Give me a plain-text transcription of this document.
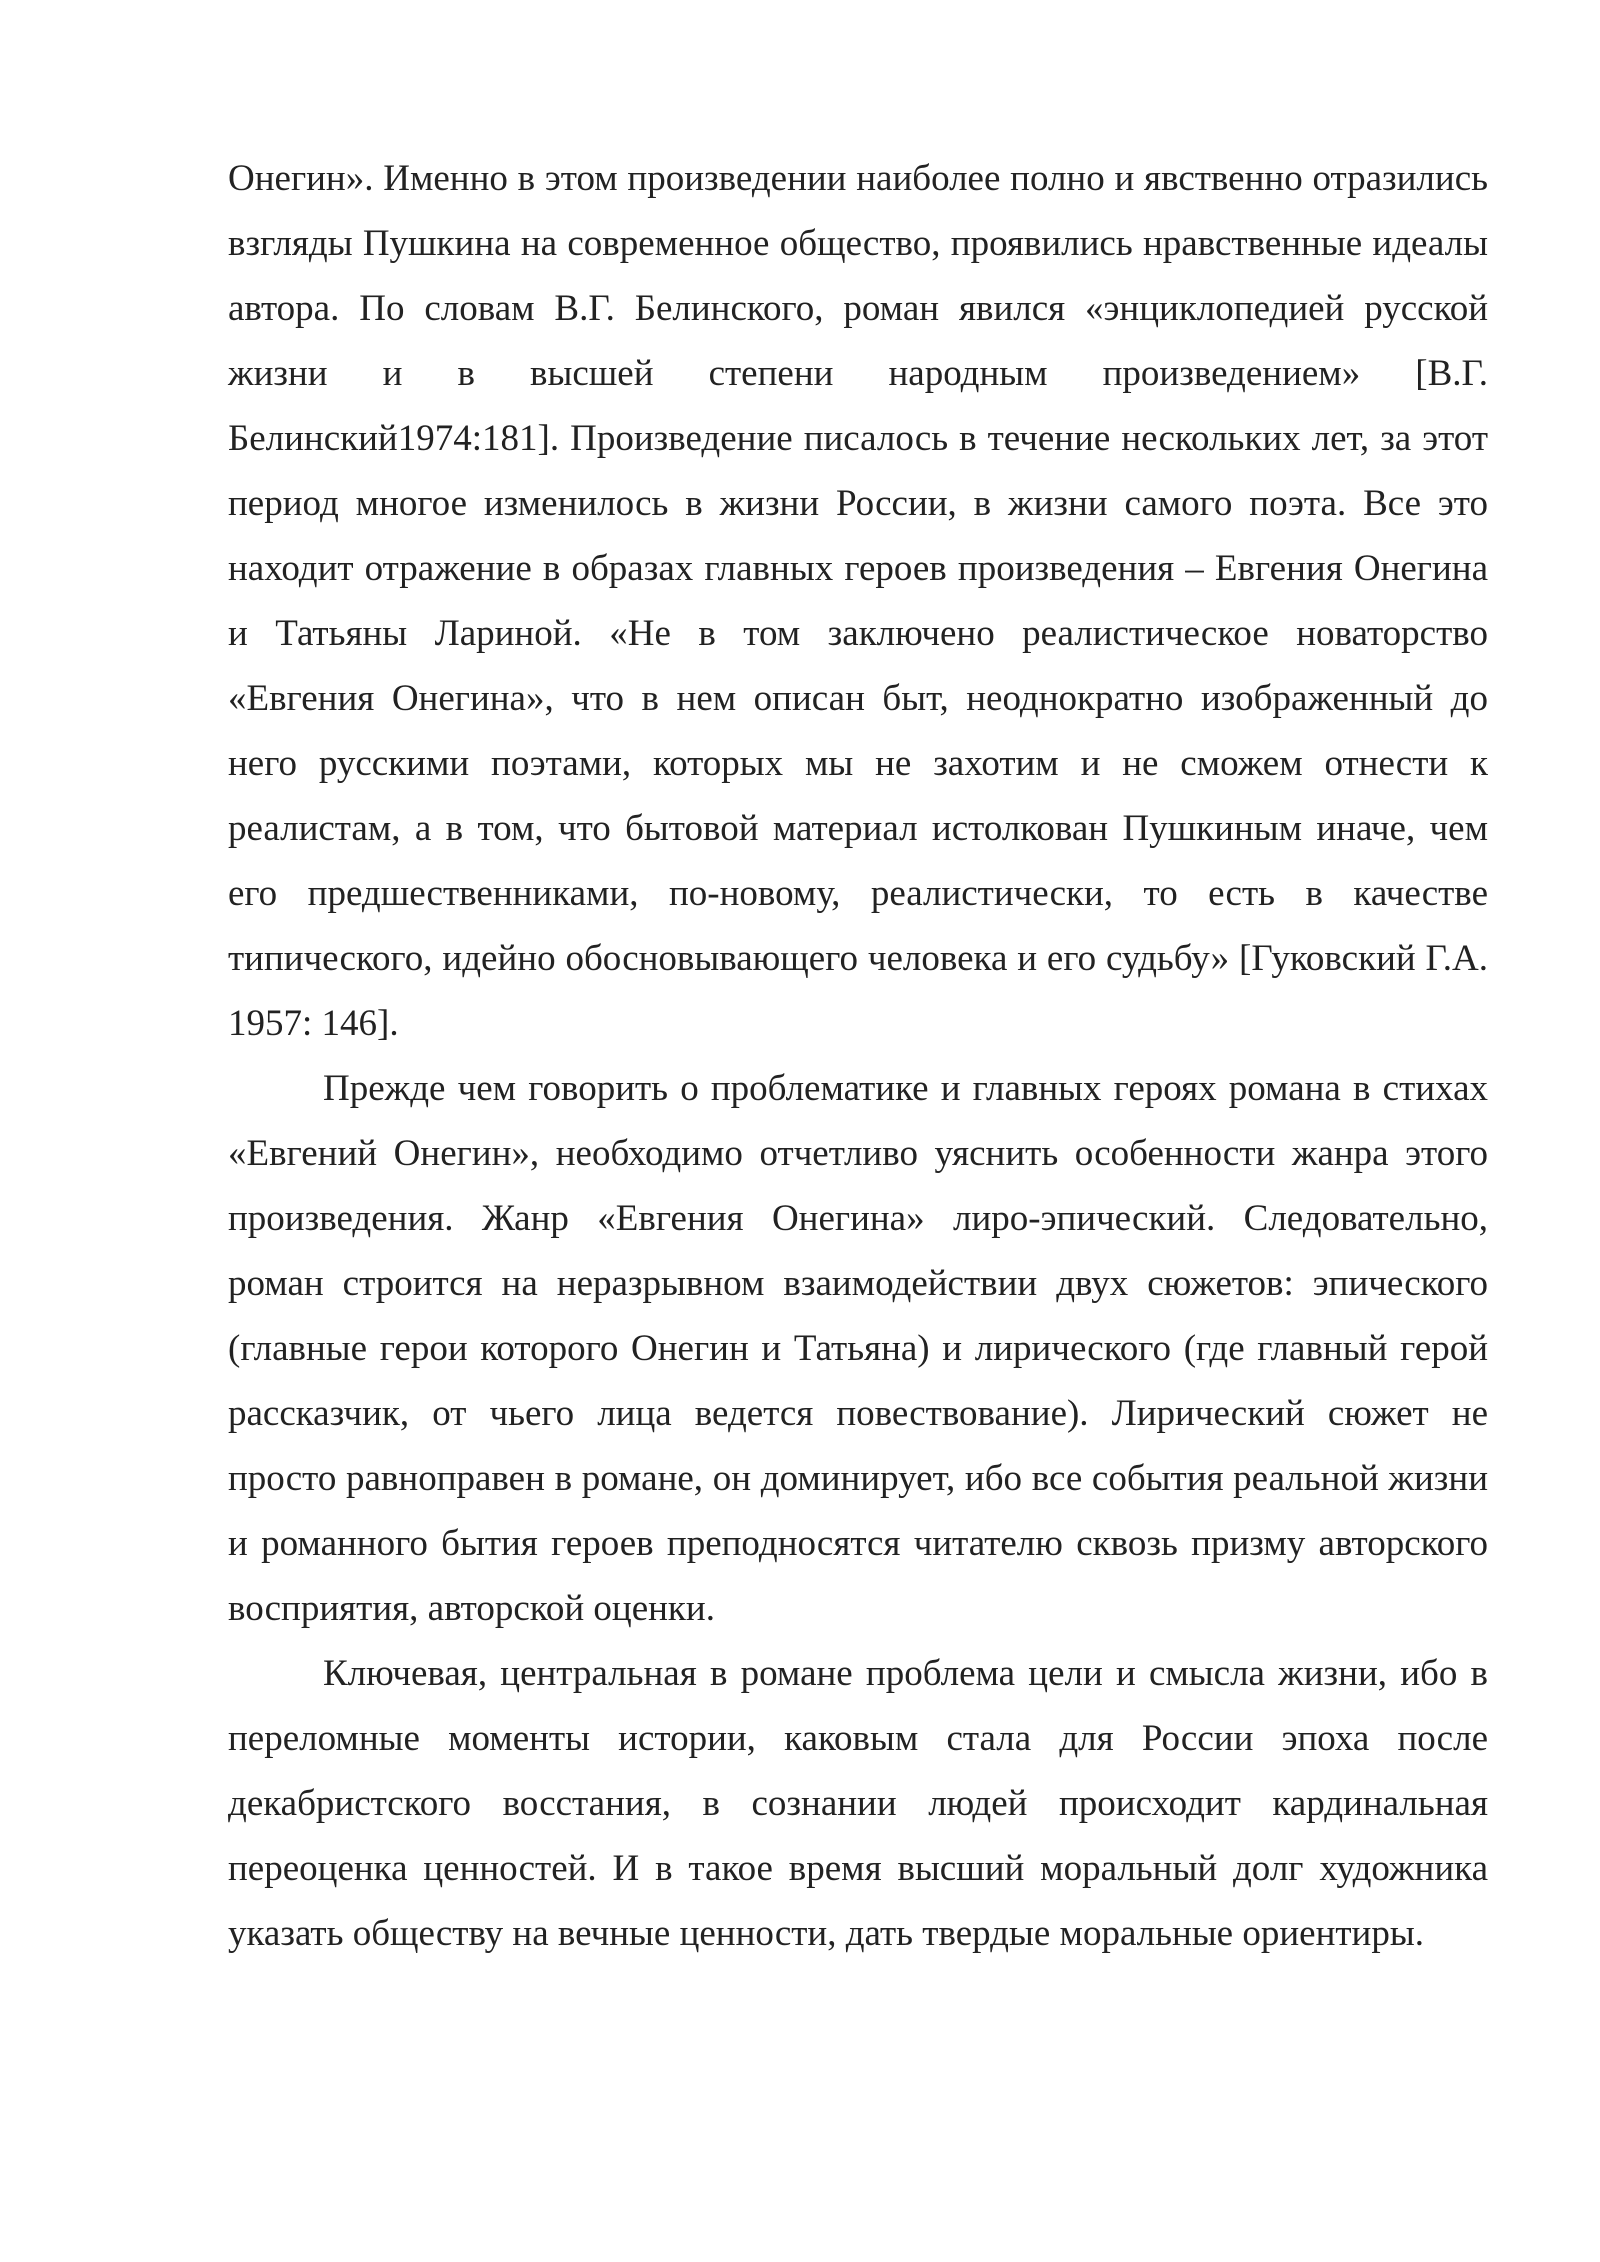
Онегин». Именно в этом произведении наиболее полно и явственно отразились взгляды Пушкина на современное общество, проявились нравственные идеалы автора. По словам В.Г. Белинского, роман явился «энциклопедией русской жизни и в высшей степени народным произведением» [В.Г. Белинский1974:181]. Произведение писалось в течение нескольких лет, за этот период многое изменилось в жизни России, в жизни самого поэта. Все это находит отражение в образах главных героев произведения – Евгения Онегина и Татьяны Лариной. «Не в том заключено реалистическое новаторство «Евгения Онегина», что в нем описан быт, неоднократно изображенный до него русскими поэтами, которых мы не захотим и не сможем отнести к реалистам, а в том, что бытовой материал истолкован Пушкиным иначе, чем его предшественниками, по-новому, реалистически, то есть в качестве типического, идейно обосновывающего человека и его судьбу» [Гуковский Г.А. 1957: 146].

Прежде чем говорить о проблематике и главных героях романа в стихах «Евгений Онегин», необходимо отчетливо уяснить особенности жанра этого произведения. Жанр «Евгения Онегина» лиро-эпический. Следовательно, роман строится на неразрывном взаимодействии двух сюжетов: эпического (главные герои которого Онегин и Татьяна) и лирического (где главный герой рассказчик, от чьего лица ведется повествование). Лирический сюжет не просто равноправен в романе, он доминирует, ибо все события реальной жизни и романного бытия героев преподносятся читателю сквозь призму авторского восприятия, авторской оценки.

Ключевая, центральная в романе проблема цели и смысла жизни, ибо в переломные моменты истории, каковым стала для России эпоха после декабристского восстания, в сознании людей происходит кардинальная переоценка ценностей. И в такое время высший моральный долг художника указать обществу на вечные ценности, дать твердые моральные ориентиры.
